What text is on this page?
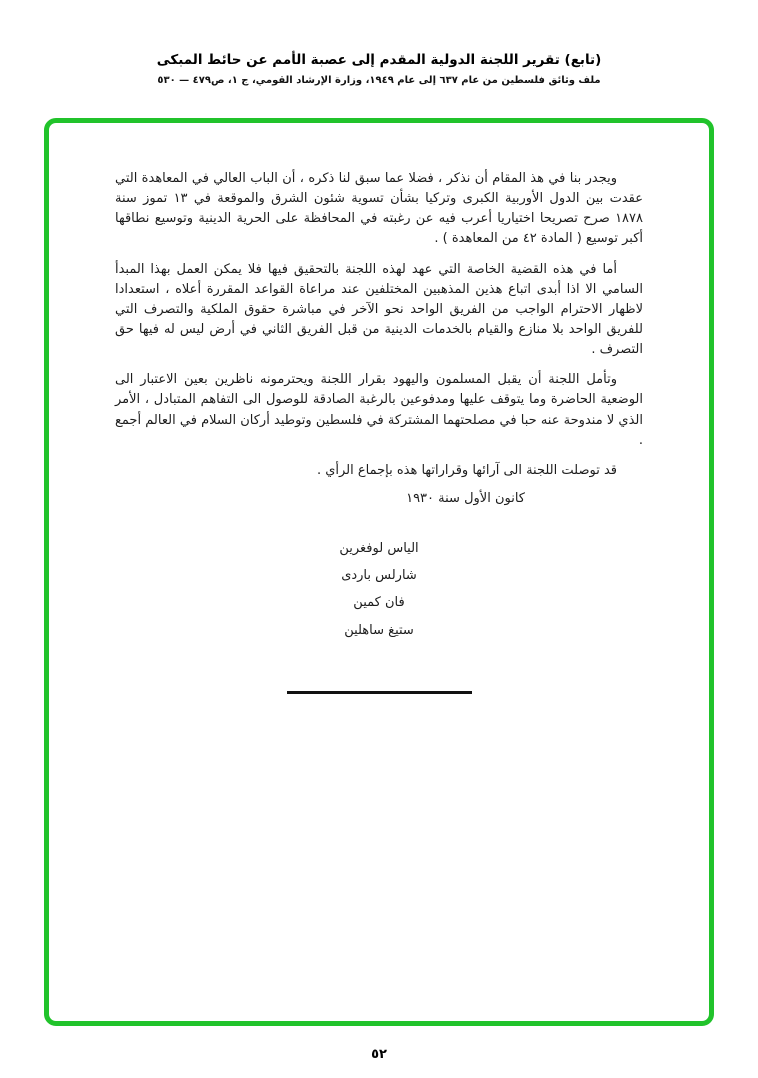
(تابع) تقرير اللجنة الدولية المقدم إلى عصبة الأمم عن حائط المبكى
ملف وثائق فلسطين من عام ٦٣٧ إلى عام ١٩٤٩، وزارة الإرشاد القومي، ج ١، ص٤٧٩ — ٥٣٠

ويجدر بنا في هذ المقام أن نذكر ، فضلا عما سبق لنا ذكره ، أن الباب العالي في المعاهدة التي عقدت بين الدول الأوربية الكبرى وتركيا بشأن تسوية شئون الشرق والموقعة في ١٣ تموز سنة ١٨٧٨ صرح تصريحا اختياريا أعرب فيه عن رغبته في المحافظة على الحرية الدينية وتوسيع نطاقها أكبر توسيع ( المادة ٤٢ من المعاهدة ) .

أما في هذه القضية الخاصة التي عهد لهذه اللجنة بالتحقيق فيها فلا يمكن العمل بهذا المبدأ السامي الا اذا أبدى اتباع هذين المذهبين المختلفين عند مراعاة القواعد المقررة أعلاه ، استعدادا لاظهار الاحترام الواجب من الفريق الواحد نحو الآخر في مباشرة حقوق الملكية والتصرف التي للفريق الواحد بلا منازع والقيام بالخدمات الدينية من قبل الفريق الثاني في أرض ليس له فيها حق التصرف .

وتأمل اللجنة أن يقبل المسلمون واليهود بقرار اللجنة ويحترمونه ناظرين بعين الاعتبار الى الوضعية الحاضرة وما يتوقف عليها ومدفوعين بالرغبة الصادقة للوصول الى التفاهم المتبادل ، الأمر الذي لا مندوحة عنه حبا في مصلحتهما المشتركة في فلسطين وتوطيد أركان السلام في العالم أجمع .

قد توصلت اللجنة الى آرائها وقراراتها هذه بإجماع الرأي .

كانون الأول سنة ١٩٣٠
الياس لوفغرين
شارلس باردى
فان كمين
ستيغ ساهلين
٥٢
